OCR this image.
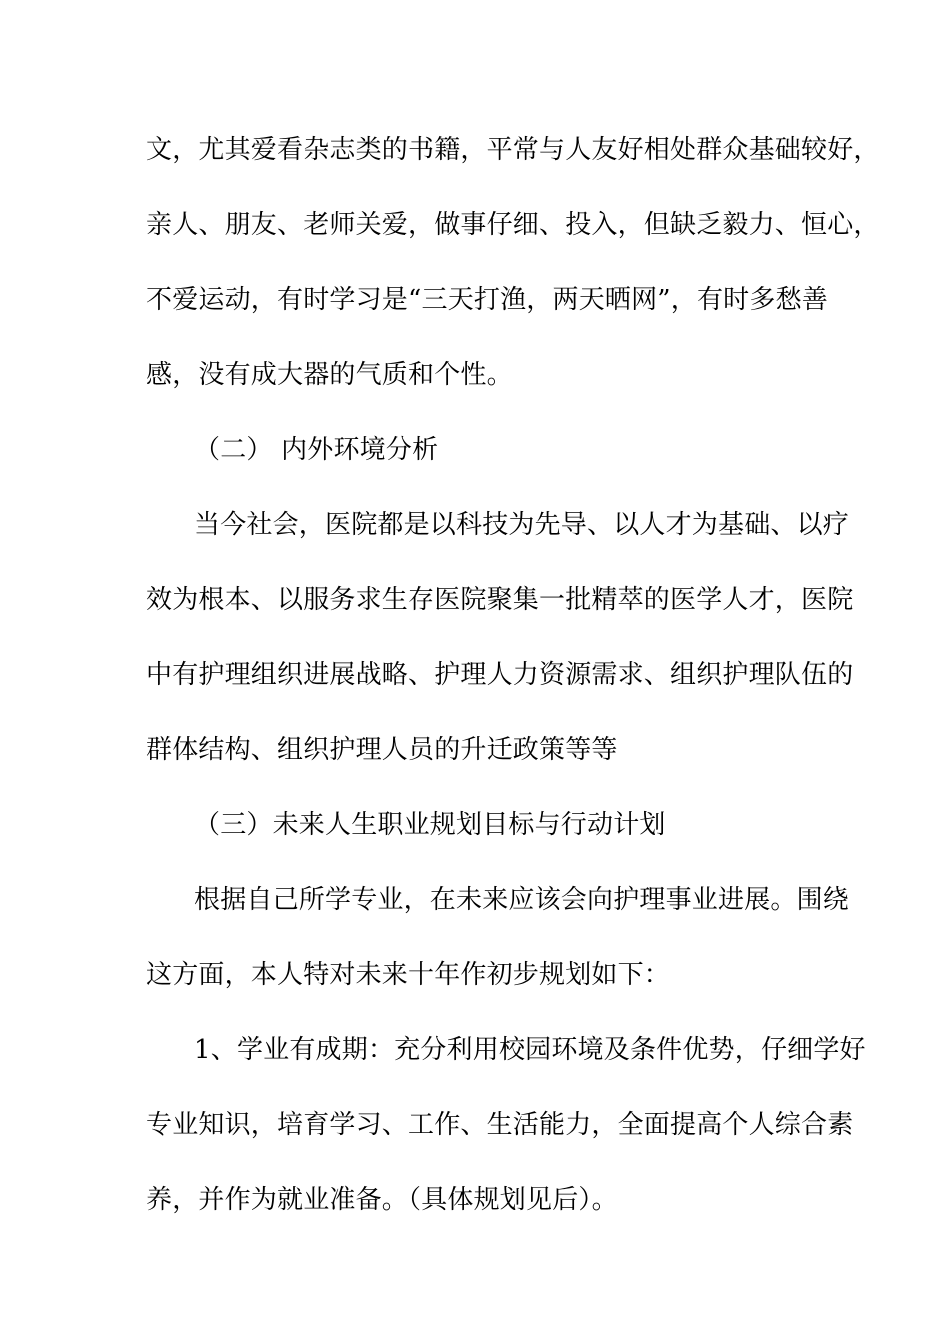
文，尤其爱看杂志类的书籍，平常与人友好相处群众基础较好，
亲人、朋友、老师关爱，做事仔细、投入，但缺乏毅力、恒心，
不爱运动，有时学习是“三天打渔，两天晒网”，有时多愁善
感，没有成大器的气质和个性。
（二） 内外环境分析
当今社会，医院都是以科技为先导、以人才为基础、以疗
效为根本、以服务求生存医院聚集一批精萃的医学人才，医院
中有护理组织进展战略、护理人力资源需求、组织护理队伍的
群体结构、组织护理人员的升迁政策等等
（三）未来人生职业规划目标与行动计划
根据自己所学专业，在未来应该会向护理事业进展。围绕
这方面，本人特对未来十年作初步规划如下：
1、学业有成期：充分利用校园环境及条件优势，仔细学好
专业知识，培育学习、工作、生活能力，全面提高个人综合素
养，并作为就业准备。（具体规划见后）。
